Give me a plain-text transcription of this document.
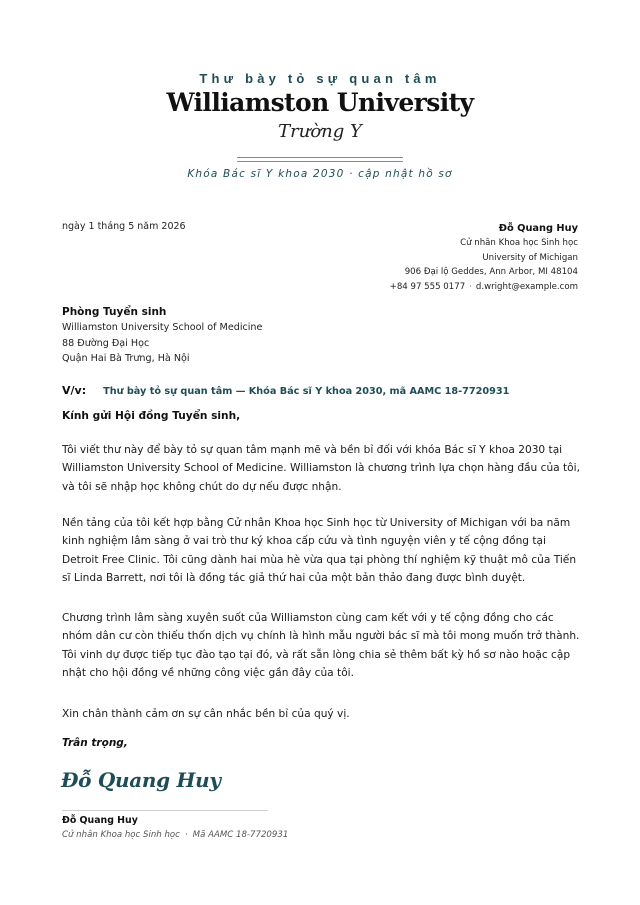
Thư bày tỏ sự quan tâm
Williamston University
Trường Y
Khóa Bác sĩ Y khoa 2030 · cập nhật hồ sơ
ngày 1 tháng 5 năm 2026	Đỗ Quang Huy
Cử nhân Khoa học Sinh học
University of Michigan
906 Đại lộ Geddes, Ann Arbor, MI 48104
+84 97 555 0177 · d.wright@example.com
Phòng Tuyển sinh
Williamston University School of Medicine
88 Đường Đại Học
Quận Hai Bà Trưng, Hà Nội
V/v: Thư bày tỏ sự quan tâm — Khóa Bác sĩ Y khoa 2030, mã AAMC 18-7720931
Kính gửi Hội đồng Tuyển sinh,

Tôi viết thư này để bày tỏ sự quan tâm mạnh mẽ và bền bỉ đối với khóa Bác sĩ Y khoa 2030 tại Williamston University School of Medicine. Williamston là chương trình lựa chọn hàng đầu của tôi, và tôi sẽ nhập học không chút do dự nếu được nhận.

Nền tảng của tôi kết hợp bằng Cử nhân Khoa học Sinh học từ University of Michigan với ba năm kinh nghiệm lâm sàng ở vai trò thư ký khoa cấp cứu và tình nguyện viên y tế cộng đồng tại Detroit Free Clinic. Tôi cũng dành hai mùa hè vừa qua tại phòng thí nghiệm kỹ thuật mô của Tiến sĩ Linda Barrett, nơi tôi là đồng tác giả thứ hai của một bản thảo đang được bình duyệt.

Chương trình lâm sàng xuyên suốt của Williamston cùng cam kết với y tế cộng đồng cho các nhóm dân cư còn thiếu thốn dịch vụ chính là hình mẫu người bác sĩ mà tôi mong muốn trở thành. Tôi vinh dự được tiếp tục đào tạo tại đó, và rất sẵn lòng chia sẻ thêm bất kỳ hồ sơ nào hoặc cập nhật cho hội đồng về những công việc gần đây của tôi.

Xin chân thành cảm ơn sự cân nhắc bền bỉ của quý vị.

Trân trọng,
Đỗ Quang Huy
Đỗ Quang Huy
Cử nhân Khoa học Sinh học · Mã AAMC 18-7720931
